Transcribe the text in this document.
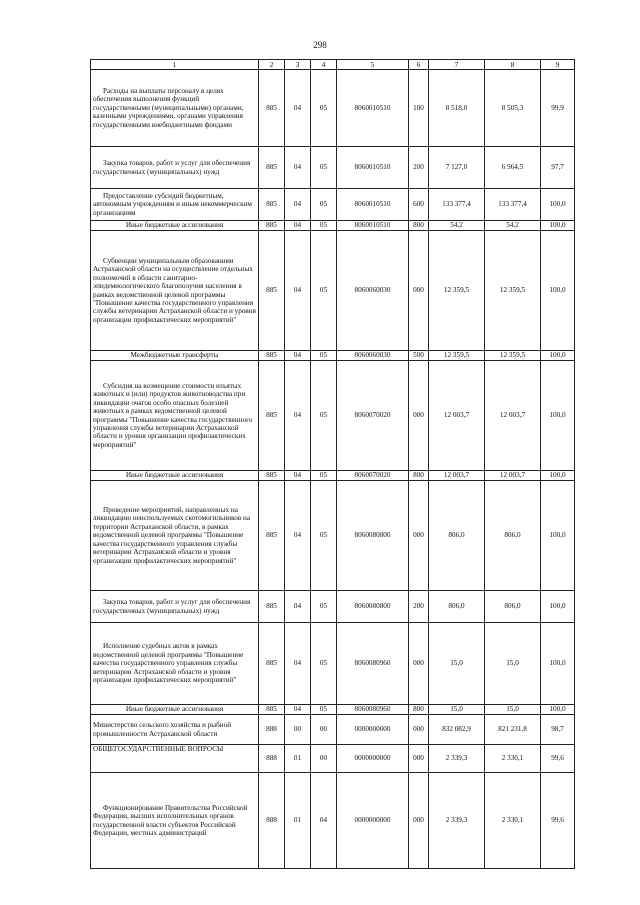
298
1	2	3	4	5	6	7	8	9
Расходы на выплаты персоналу в целях обеспечения выполнения функций государственными (муниципальными) органами, казенными учреждениями, органами управления государственными внебюджетными фондами	885	04	05	8060010510	100	8 518,0	8 505,3	99,9
Закупка товаров, работ и услуг для обеспечения государственных (муниципальных) нужд	885	04	05	8060010510	200	7 127,0	6 964,5	97,7
Предоставление субсидий бюджетным, автономным учреждениям и иным некоммерческим организациям	885	04	05	8060010510	600	133 377,4	133 377,4	100,0
Иные бюджетные ассигнования	885	04	05	8060010510	800	54,2	54,2	100,0
Субвенции муниципальным образованиям Астраханской области на осуществление отдельных полномочий в области санитарно-эпидемиологического благополучия населения в рамках ведомственной целевой программы "Повышение качества государственного управления службы ветеринарии Астраханской области и уровня организации профилактических мероприятий"	885	04	05	8060060030	000	12 359,5	12 359,5	100,0
Межбюджетные трансферты	885	04	05	8060060030	500	12 359,5	12 359,5	100,0
Субсидия на возмещение стоимости изъятых животных и (или) продуктов животноводства при ликвидации очагов особо опасных болезней животных в рамках ведомственной целевой программы "Повышение качества государственного управления службы ветеринарии Астраханской области и уровня организации профилактических мероприятий"	885	04	05	8060070020	000	12 003,7	12 003,7	100,0
Иные бюджетные ассигнования	885	04	05	8060070020	800	12 003,7	12 003,7	100,0
Проведение мероприятий, направленных на ликвидацию неиспользуемых скотомогильников на территории Астраханской области, в рамках ведомственной целевой программы "Повышение качества государственного управления службы ветеринарии Астраханской области и уровня организации профилактических мероприятий"	885	04	05	8060080800	000	806,0	806,0	100,0
Закупка товаров, работ и услуг для обеспечения государственных (муниципальных) нужд	885	04	05	8060080800	200	806,0	806,0	100,0
Исполнение судебных актов в рамках ведомственной целевой программы "Повышение качества государственного управления службы ветеринарии Астраханской области и уровня организации профилактических мероприятий"	885	04	05	8060080960	000	15,0	15,0	100,0
Иные бюджетные ассигнования	885	04	05	8060080960	800	15,0	15,0	100,0
Министерство сельского хозяйства и рыбной промышленности Астраханской области	888	00	00	0000000000	000	832 082,9	821 231,8	98,7
ОБЩЕГОСУДАРСТВЕННЫЕ ВОПРОСЫ	888	01	00	0000000000	000	2 339,3	2 330,1	99,6
Функционирование Правительства Российской Федерации, высших исполнительных органов государственной власти субъектов Российской Федерации, местных администраций	888	01	04	0000000000	000	2 339,3	2 330,1	99,6
